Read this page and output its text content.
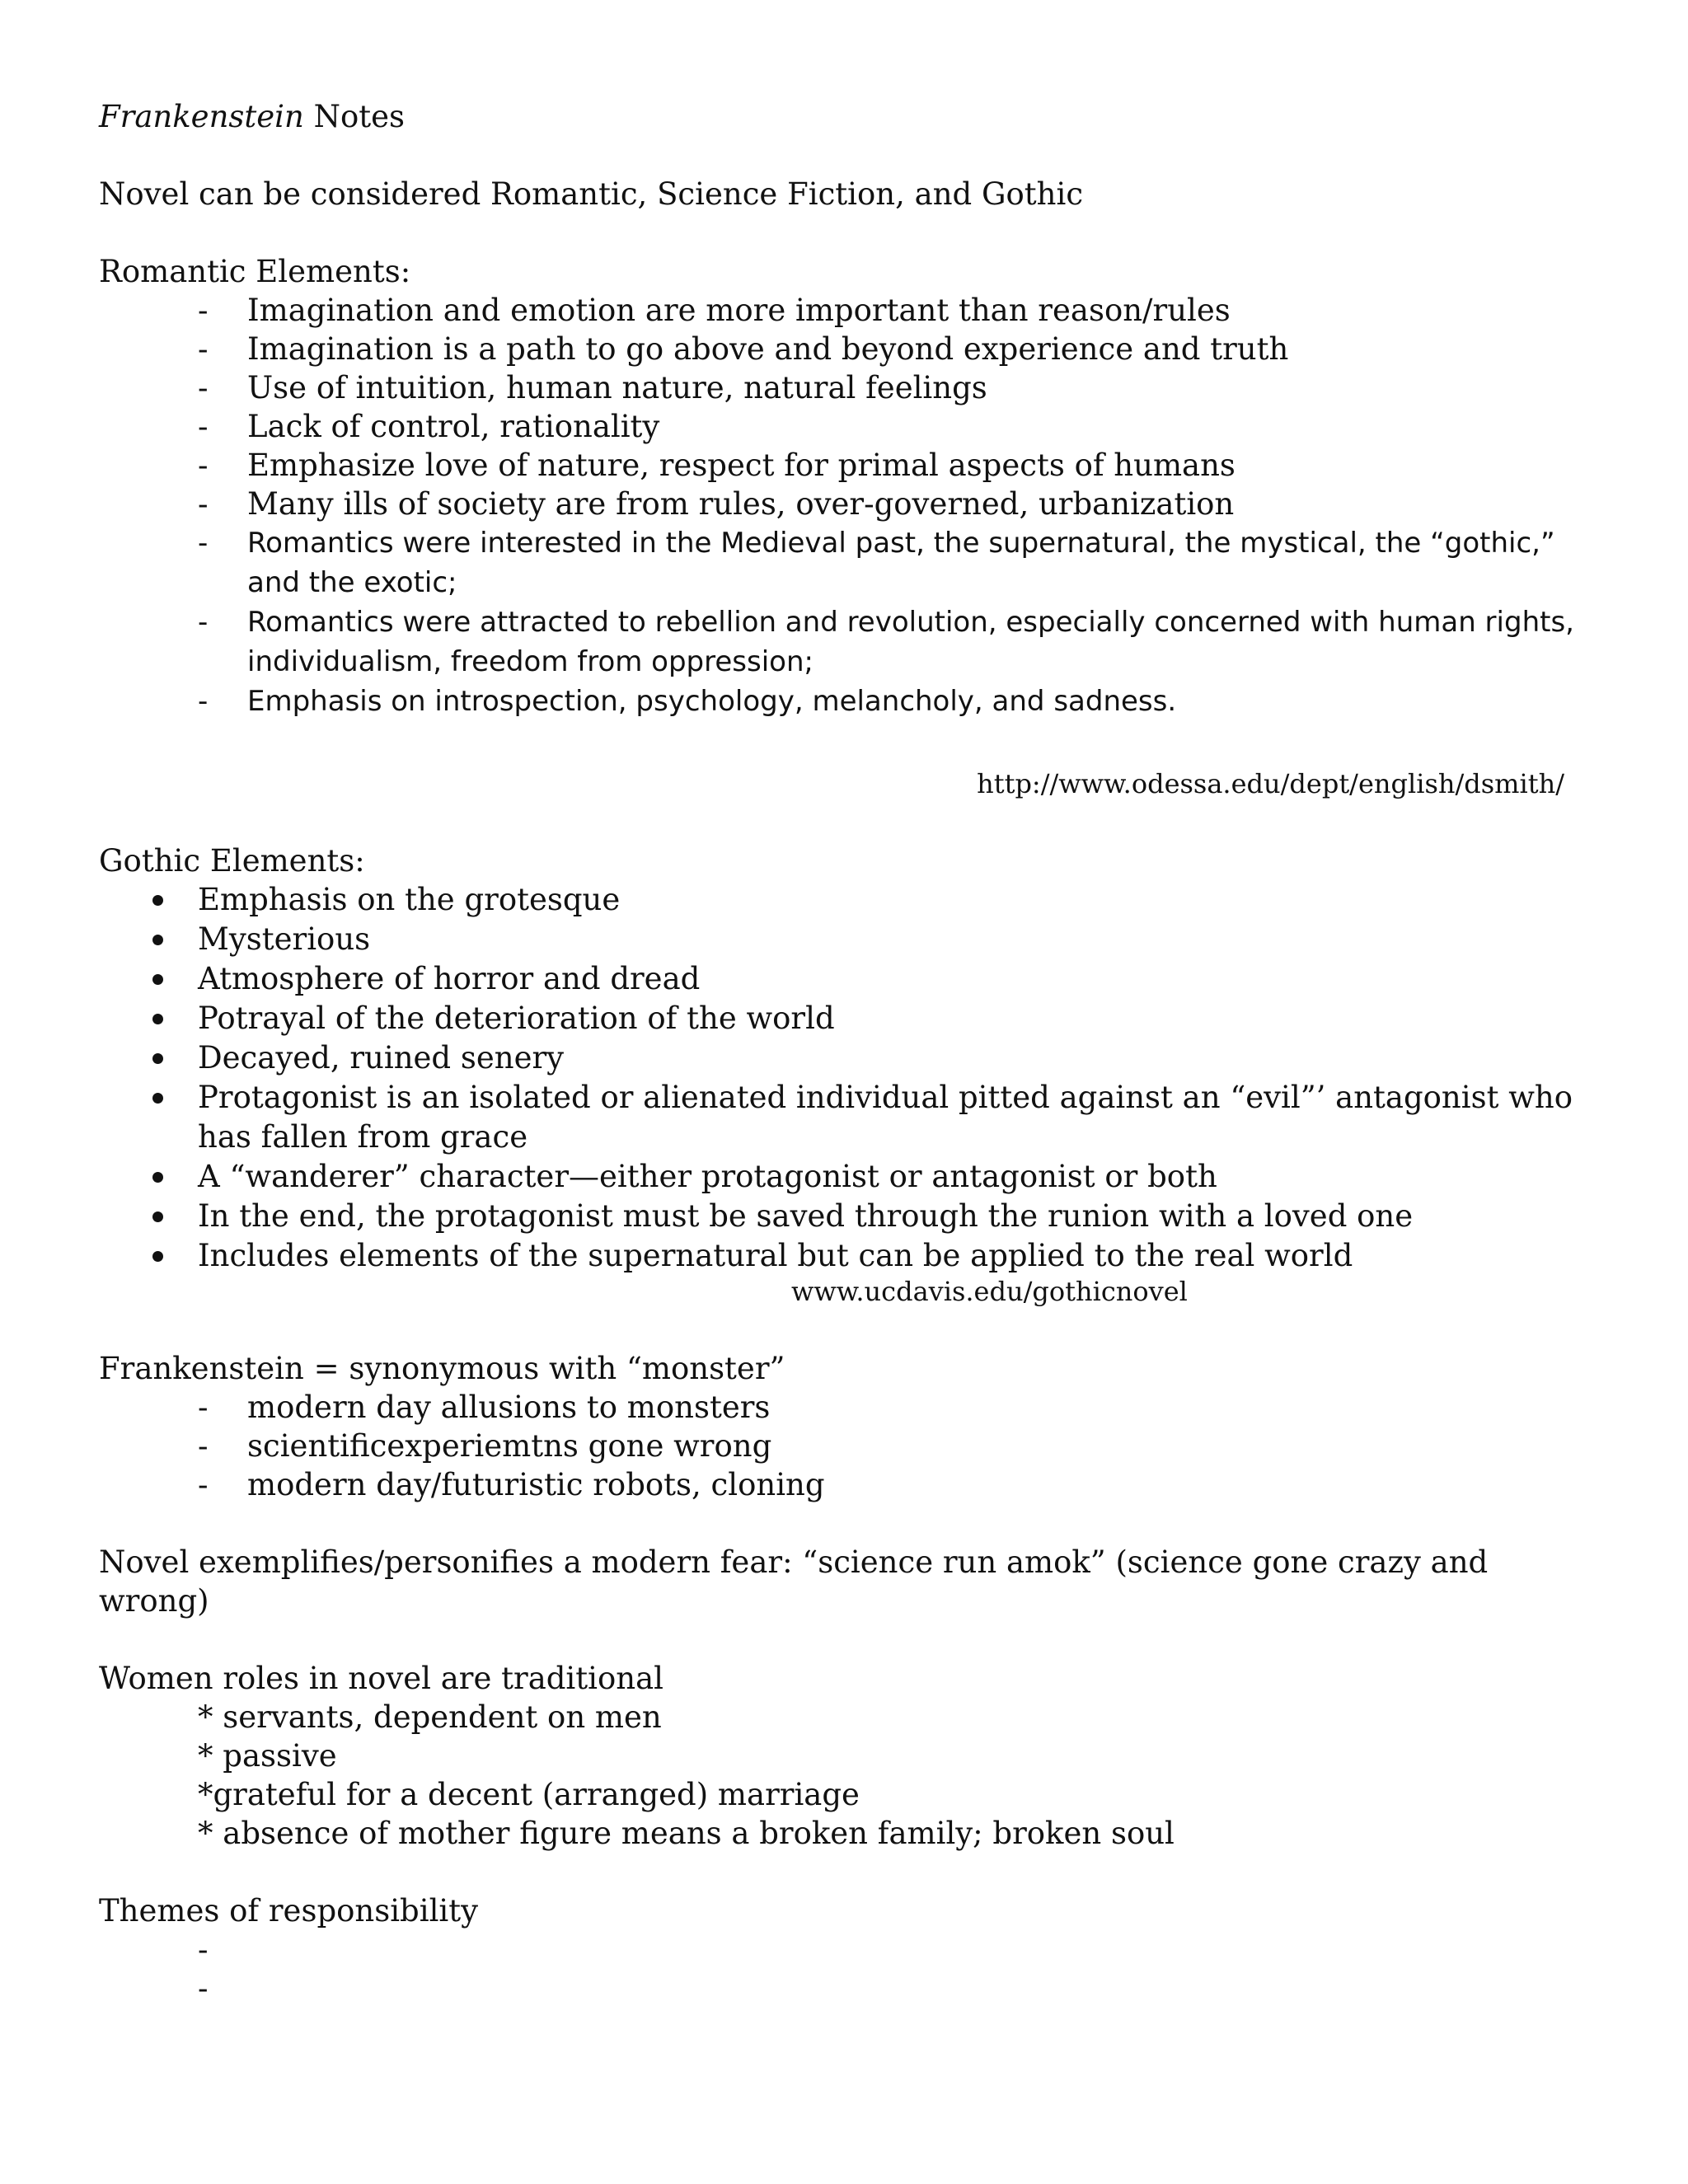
Frankenstein Notes

Novel can be considered Romantic, Science Fiction, and Gothic

Romantic Elements:

- Imagination and emotion are more important than reason/rules
- Imagination is a path to go above and beyond experience and truth
- Use of intuition, human nature, natural feelings
- Lack of control, rationality
- Emphasize love of nature, respect for primal aspects of humans
- Many ills of society are from rules, over-governed, urbanization
- Romantics were interested in the Medieval past, the supernatural, the mystical, the “gothic,” and the exotic;
- Romantics were attracted to rebellion and revolution, especially concerned with human rights, individualism, freedom from oppression;
- Emphasis on introspection, psychology, melancholy, and sadness.

http://www.odessa.edu/dept/english/dsmith/

Gothic Elements:

Emphasis on the grotesque
Mysterious
Atmosphere of horror and dread
Potrayal of the deterioration of the world
Decayed, ruined senery
Protagonist is an isolated or alienated individual pitted against an “evil”’ antagonist who has fallen from grace
A “wanderer” character—either protagonist or antagonist or both
In the end, the protagonist must be saved through the runion with a loved one
Includes elements of the supernatural but can be applied to the real world

www.ucdavis.edu/gothicnovel

Frankenstein = synonymous with “monster”

- modern day allusions to monsters
- scientificexperiemtns gone wrong
- modern day/futuristic robots, cloning

Novel exemplifies/personifies a modern fear: “science run amok” (science gone crazy and wrong)

Women roles in novel are traditional

* servants, dependent on men
* passive
*grateful for a decent (arranged) marriage
* absence of mother figure means a broken family; broken soul

Themes of responsibility

-

-
